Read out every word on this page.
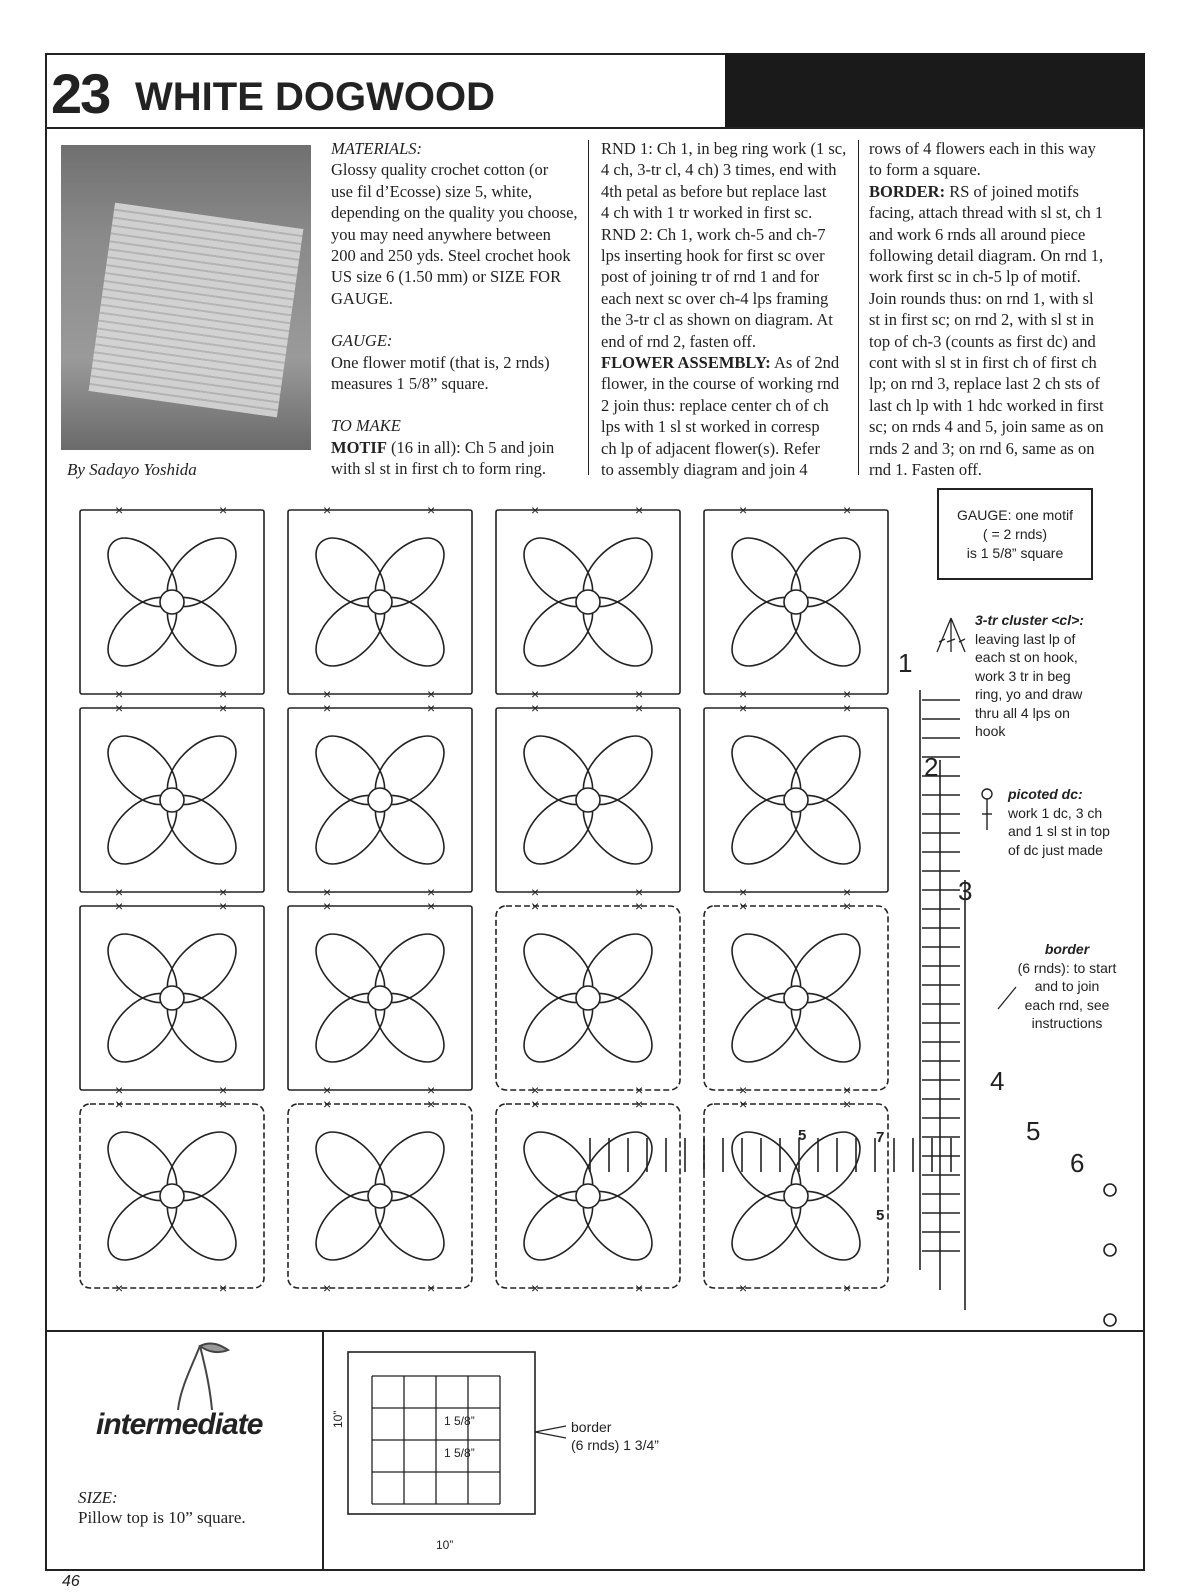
23 WHITE DOGWOOD
By Sadayo Yoshida

MATERIALS:

Glossy quality crochet cotton (or

use fil d’Ecosse) size 5, white,

depending on the quality you choose,

you may need anywhere between

200 and 250 yds. Steel crochet hook

US size 6 (1.50 mm) or SIZE FOR

GAUGE.

GAUGE:

One flower motif (that is, 2 rnds)

measures 1 5/8” square.

TO MAKE

MOTIF (16 in all): Ch 5 and join

with sl st in first ch to form ring.

RND 1: Ch 1, in beg ring work (1 sc,

4 ch, 3-tr cl, 4 ch) 3 times, end with

4th petal as before but replace last

4 ch with 1 tr worked in first sc.

RND 2: Ch 1, work ch-5 and ch-7

lps inserting hook for first sc over

post of joining tr of rnd 1 and for

each next sc over ch-4 lps framing

the 3-tr cl as shown on diagram. At

end of rnd 2, fasten off.

FLOWER ASSEMBLY: As of 2nd

flower, in the course of working rnd

2 join thus: replace center ch of ch

lps with 1 sl st worked in corresp

ch lp of adjacent flower(s). Refer

to assembly diagram and join 4

rows of 4 flowers each in this way

to form a square.

BORDER: RS of joined motifs

facing, attach thread with sl st, ch 1

and work 6 rnds all around piece

following detail diagram. On rnd 1,

work first sc in ch-5 lp of motif.

Join rounds thus: on rnd 1, with sl

st in first sc; on rnd 2, with sl st in

top of ch-3 (counts as first dc) and

cont with sl st in first ch of first ch

lp; on rnd 3, replace last 2 ch sts of

last ch lp with 1 hdc worked in first

sc; on rnds 4 and 5, join same as on

rnds 2 and 3; on rnd 6, same as on

rnd 1. Fasten off.

×	×
×	×
×	×
×	×
×	×
×	×
×	×
×	×
×	×
×	×
×	×
×	×
×	×
×	×
×	×
×	×
×	×
×	×
×	×
×	×
×	×
×	×
×	×
×	×
×	×
×	×
×	×
×	×
×	×
×	×
×	×
×	×
1
2
3
4
5
6
5	7
5
GAUGE: one motif
( = 2 rnds)
is 1 5/8” square
3-tr cluster <cl>:
leaving last lp of
each st on hook,
work 3 tr in beg
ring, yo and draw
thru all 4 lps on
hook
picoted dc:
work 1 dc, 3 ch
and 1 sl st in top
of dc just made
border
(6 rnds): to start
and to join
each rnd, see
instructions
intermediate
SIZE:
Pillow top is 10” square.
10”
10”
1 5/8”
1 5/8”
border
(6 rnds) 1 3/4”
46
